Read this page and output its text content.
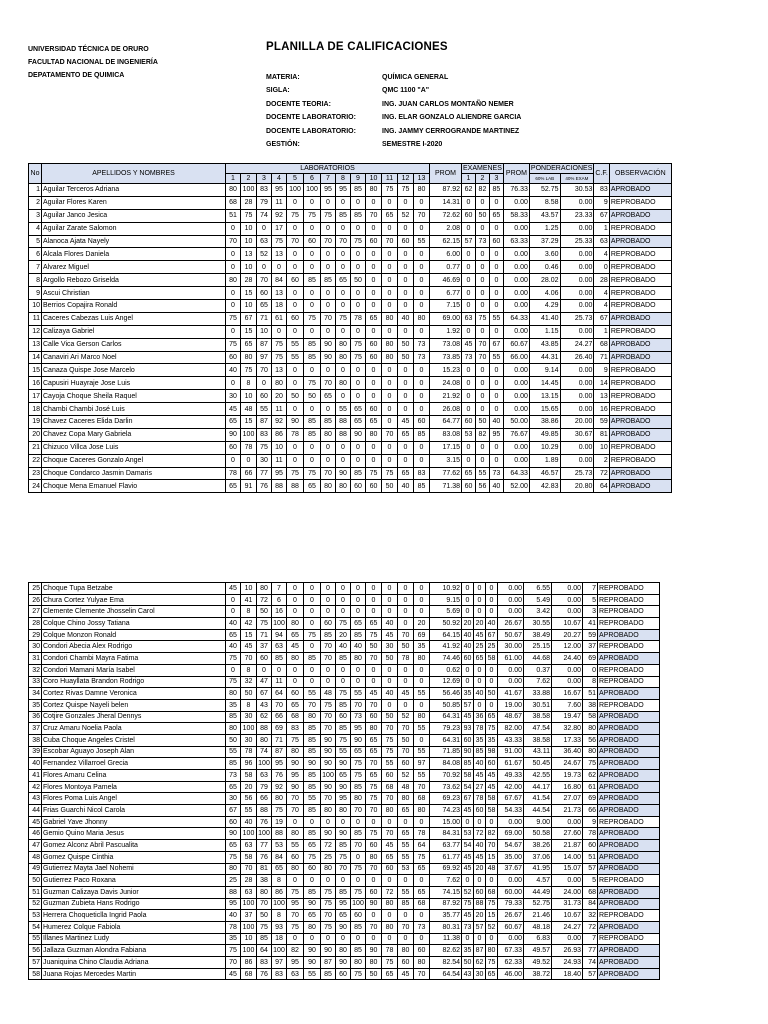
UNIVERSIDAD TÉCNICA DE ORURO
FACULTAD NACIONAL DE INGENIERÍA
DEPATAMENTO DE QUIMICA
PLANILLA DE CALIFICACIONES
MATERIA:	QUÍMICA GENERAL
SIGLA:	QMC 1100 "A"
DOCENTE TEORIA:	ING. JUAN CARLOS MONTAÑO NEMER
DOCENTE LABORATORIO:	ING. ELAR GONZALO ALIENDRE GARCIA
DOCENTE LABORATORIO:	ING. JAMMY CERROGRANDE MARTINEZ
GESTIÓN:	SEMESTRE I-2020
No	APELLIDOS Y NOMBRES	LABORATORIOS													PROM	EXAMENES			PROM	PONDERACIONES		C.F.	OBSERVACIÓN
		1	2	3	4	5	6	7	8	9	10	11	12	13		1	2	3		60% LAB	40% EXAM		
1	Aguilar Terceros Adriana	80	100	83	95	100	100	95	95	85	80	75	75	80	87.92	62	82	85	76.33	52.75	30.53	83	APROBADO
2	Aguilar Flores Karen	68	28	79	11	0	0	0	0	0	0	0	0	0	14.31	0	0	0	0.00	8.58	0.00	9	REPROBADO
3	Aguilar Janco Jesica	51	75	74	92	75	75	75	85	85	70	65	52	70	72.62	60	50	65	58.33	43.57	23.33	67	APROBADO
4	Aguilar Zarate Salomon	0	10	0	17	0	0	0	0	0	0	0	0	0	2.08	0	0	0	0.00	1.25	0.00	1	REPROBADO
5	Alanoca Ajata Nayely	70	10	63	75	70	60	70	70	75	60	70	60	55	62.15	57	73	60	63.33	37.29	25.33	63	APROBADO
6	Alcala Flores Daniela	0	13	52	13	0	0	0	0	0	0	0	0	0	6.00	0	0	0	0.00	3.60	0.00	4	REPROBADO
7	Alvarez Miguel	0	10	0	0	0	0	0	0	0	0	0	0	0	0.77	0	0	0	0.00	0.46	0.00	0	REPROBADO
8	Argollo Rebozo Griselda	80	28	70	84	60	85	85	65	50	0	0	0	0	46.69	0	0	0	0.00	28.02	0.00	28	REPROBADO
9	Ascui Christian	0	15	60	13	0	0	0	0	0	0	0	0	0	6.77	0	0	0	0.00	4.06	0.00	4	REPROBADO
10	Berrios Copajira Ronald	0	10	65	18	0	0	0	0	0	0	0	0	0	7.15	0	0	0	0.00	4.29	0.00	4	REPROBADO
11	Caceres Cabezas Luis Angel	75	67	71	61	60	75	70	75	78	65	80	40	80	69.00	63	75	55	64.33	41.40	25.73	67	APROBADO
12	Calizaya Gabriel	0	15	10	0	0	0	0	0	0	0	0	0	0	1.92	0	0	0	0.00	1.15	0.00	1	REPROBADO
13	Calle Vica Gerson Carlos	75	65	87	75	55	85	90	80	75	60	80	50	73	73.08	45	70	67	60.67	43.85	24.27	68	APROBADO
14	Canaviri Ari Marco Noel	60	80	97	75	55	85	90	80	75	60	80	50	73	73.85	73	70	55	66.00	44.31	26.40	71	APROBADO
15	Canaza Quispe Jose Marcelo	40	75	70	13	0	0	0	0	0	0	0	0	0	15.23	0	0	0	0.00	9.14	0.00	9	REPROBADO
16	Capusiri Huayraje Jose Luis	0	8	0	80	0	75	70	80	0	0	0	0	0	24.08	0	0	0	0.00	14.45	0.00	14	REPROBADO
17	Cayoja Choque Sheila Raquel	30	10	60	20	50	50	65	0	0	0	0	0	0	21.92	0	0	0	0.00	13.15	0.00	13	REPROBADO
18	Chambi Chambi José Luis	45	48	55	11	0	0	0	55	65	60	0	0	0	26.08	0	0	0	0.00	15.65	0.00	16	REPROBADO
19	Chavez Caceres Elida Darlin	65	15	87	92	90	85	85	88	65	65	0	45	60	64.77	60	50	40	50.00	38.86	20.00	59	APROBADO
20	Chavez Copa Mary Gabriela	90	100	83	86	78	85	80	88	90	80	70	65	85	83.08	53	82	95	76.67	49.85	30.67	81	APROBADO
21	Chizuco Villca Jose Luis	60	78	75	10	0	0	0	0	0	0	0	0	0	17.15	0	0	0	0.00	10.29	0.00	10	REPROBADO
22	Choque Caceres Gonzalo Angel	0	0	30	11	0	0	0	0	0	0	0	0	0	3.15	0	0	0	0.00	1.89	0.00	2	REPROBADO
23	Choque Condarco Jasmin Damaris	78	66	77	95	75	75	70	90	85	75	75	65	83	77.62	65	55	73	64.33	46.57	25.73	72	APROBADO
24	Choque Mena Emanuel Flavio	65	91	76	88	88	65	80	80	60	60	50	40	85	71.38	60	56	40	52.00	42.83	20.80	64	APROBADO
25	Choque Tupa Betzabe	45	10	80	7	0	0	0	0	0	0	0	0	0	10.92	0	0	0	0.00	6.55	0.00	7	REPROBADO
26	Chura Cortez Yulyae Ema	0	41	72	6	0	0	0	0	0	0	0	0	0	9.15	0	0	0	0.00	5.49	0.00	5	REPROBADO
27	Clemente Clemente Jhosselin Carol	0	8	50	16	0	0	0	0	0	0	0	0	0	5.69	0	0	0	0.00	3.42	0.00	3	REPROBADO
28	Colque Chino Jossy Tatiana	40	42	75	100	80	0	60	75	65	65	40	0	20	50.92	20	20	40	26.67	30.55	10.67	41	REPROBADO
29	Colque Monzon Ronald	65	15	71	94	65	75	85	20	85	75	45	70	69	64.15	40	45	67	50.67	38.49	20.27	59	APROBADO
30	Condori Abecia Alex Rodrigo	40	45	37	63	45	0	70	40	40	50	30	50	35	41.92	40	25	25	30.00	25.15	12.00	37	REPROBADO
31	Condori Chambi Mayra Fatima	75	70	60	85	80	85	70	85	80	70	50	78	80	74.46	60	65	58	61.00	44.68	24.40	69	APROBADO
32	Condori Mamani María Isabel	0	8	0	0	0	0	0	0	0	0	0	0	0	0.62	0	0	0	0.00	0.37	0.00	0	REPROBADO
33	Coro Huayllata Brandon Rodrigo	75	32	47	11	0	0	0	0	0	0	0	0	0	12.69	0	0	0	0.00	7.62	0.00	8	REPROBADO
34	Cortez Rivas Damne Veronica	80	50	67	64	60	55	48	75	55	45	40	45	55	56.46	35	40	50	41.67	33.88	16.67	51	APROBADO
35	Cortez Quispe Nayeli belen	35	8	43	70	65	70	75	85	70	70	0	0	0	50.85	57	0	0	19.00	30.51	7.60	38	REPROBADO
36	Cotjire Gonzales Jheral Dennys	85	30	62	66	68	80	70	60	73	60	50	52	80	64.31	45	36	65	48.67	38.58	19.47	58	APROBADO
37	Cruz Amaru Noelia Paola	80	100	88	69	83	85	70	85	95	80	70	70	55	79.23	93	78	75	82.00	47.54	32.80	80	APROBADO
38	Cuba Choque Angeles Cristel	50	30	80	71	75	85	90	75	90	65	75	50	0	64.31	60	35	35	43.33	38.58	17.33	56	APROBADO
39	Escobar Aguayo Joseph Alan	55	78	74	87	80	85	90	55	65	65	75	70	55	71.85	90	85	98	91.00	43.11	36.40	80	APROBADO
40	Fernandez Villarroel Grecia	85	96	100	95	90	90	90	90	75	70	55	60	97	84.08	85	40	60	61.67	50.45	24.67	75	APROBADO
41	Flores Amaru Celina	73	58	63	76	95	85	100	65	75	65	60	52	55	70.92	58	45	45	49.33	42.55	19.73	62	APROBADO
42	Flores Montoya Pamela	65	20	79	92	90	85	90	90	85	75	68	48	70	73.62	54	27	45	42.00	44.17	16.80	61	APROBADO
43	Flores Poma Luis Angel	30	56	66	80	70	55	70	95	80	75	70	80	68	69.23	67	78	58	67.67	41.54	27.07	69	APROBADO
44	Frias Guarchi Nicol Carola	67	55	88	75	70	85	80	80	70	70	80	65	80	74.23	45	60	58	54.33	44.54	21.73	66	APROBADO
45	Gabriel Yave Jhonny	60	40	76	19	0	0	0	0	0	0	0	0	0	15.00	0	0	0	0.00	9.00	0.00	9	REPROBADO
46	Gemio Quino Maria Jesus	90	100	100	88	80	85	90	90	85	75	70	65	78	84.31	53	72	82	69.00	50.58	27.60	78	APROBADO
47	Gomez Alconz Abril Pascualita	65	63	77	53	55	65	72	85	70	60	45	55	64	63.77	54	40	70	54.67	38.26	21.87	60	APROBADO
48	Gomez Quispe Cinthia	75	58	76	84	60	75	25	75	0	80	65	55	75	61.77	45	45	15	35.00	37.06	14.00	51	APROBADO
49	Gutierrez Mayta Jael Nohemi	80	70	81	65	80	60	80	70	75	70	60	53	65	69.92	45	20	48	37.67	41.95	15.07	57	APROBADO
50	Gutierrez Paco Roxana	25	28	38	8	0	0	0	0	0	0	0	0	0	7.62	0	0	0	0.00	4.57	0.00	5	REPROBADO
51	Guzman Calizaya Davis Junior	88	63	80	86	75	85	75	85	75	60	72	55	65	74.15	52	60	68	60.00	44.49	24.00	68	APROBADO
52	Guzman Zubieta Hans Rodrigo	95	100	70	100	95	90	75	95	100	90	80	85	68	87.92	75	88	75	79.33	52.75	31.73	84	APROBADO
53	Herrera Choqueticlla Ingrid Paola	40	37	50	8	70	65	70	65	60	0	0	0	0	35.77	45	20	15	26.67	21.46	10.67	32	REPROBADO
54	Humerez Colque Fabiola	78	100	75	93	75	80	75	90	85	70	80	70	73	80.31	73	57	52	60.67	48.18	24.27	72	APROBADO
55	Illanes Martinez Ludy	35	10	85	18	0	0	0	0	0	0	0	0	0	11.38	0	0	0	0.00	6.83	0.00	7	REPROBADO
56	Jallaza Guzman Alondra Fabiana	75	100	64	100	82	90	90	80	85	90	78	80	60	82.62	35	87	80	67.33	49.57	26.93	77	APROBADO
57	Juaniquina Chino Claudia Adriana	70	86	83	97	95	90	87	90	80	80	75	60	80	82.54	50	62	75	62.33	49.52	24.93	74	APROBADO
58	Juana Rojas Mercedes Martin	45	68	76	83	63	55	85	60	75	50	65	45	70	64.54	43	30	65	46.00	38.72	18.40	57	APROBADO
